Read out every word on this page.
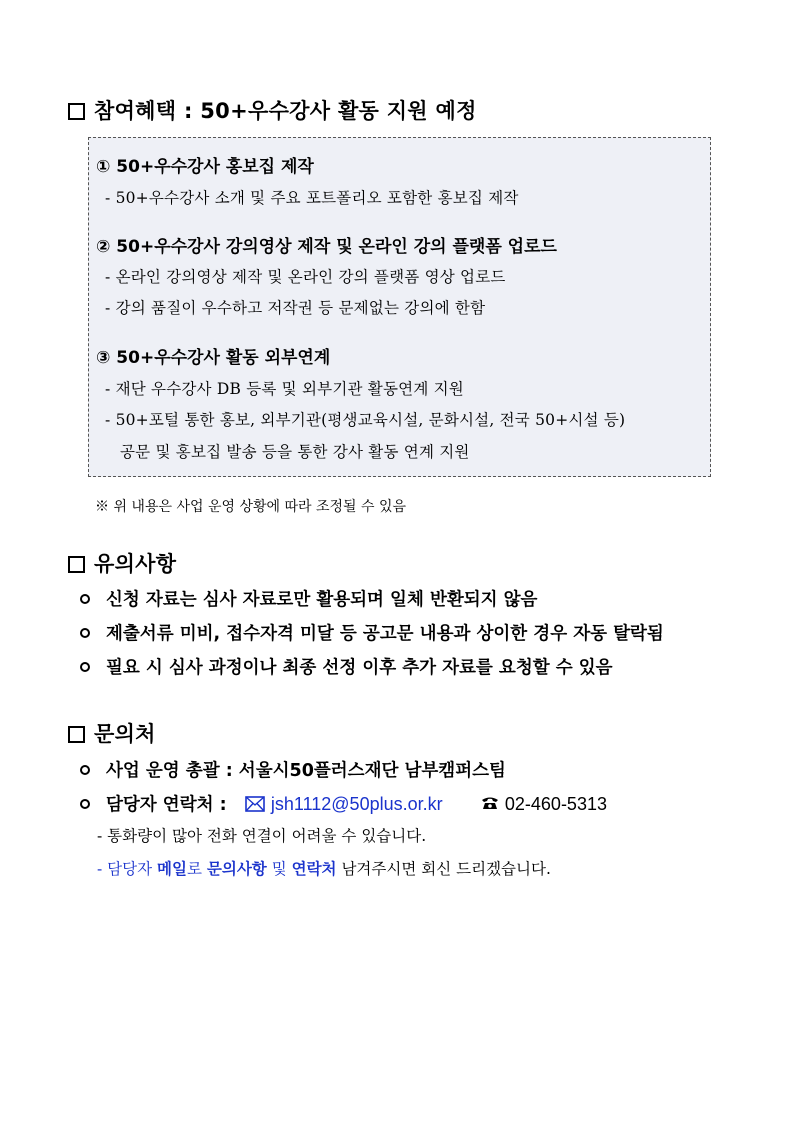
참여혜택 : 50+우수강사 활동 지원 예정
① 50+우수강사 홍보집 제작
- 50+우수강사 소개 및 주요 포트폴리오 포함한 홍보집 제작
② 50+우수강사 강의영상 제작 및 온라인 강의 플랫폼 업로드
- 온라인 강의영상 제작 및 온라인 강의 플랫폼 영상 업로드
- 강의 품질이 우수하고 저작권 등 문제없는 강의에 한함
③ 50+우수강사 활동 외부연계
- 재단 우수강사 DB 등록 및 외부기관 활동연계 지원
- 50+포털 통한 홍보, 외부기관(평생교육시설, 문화시설, 전국 50+시설 등)
공문 및 홍보집 발송 등을 통한 강사 활동 연계 지원
※ 위 내용은 사업 운영 상황에 따라 조정될 수 있음
유의사항
신청 자료는 심사 자료로만 활용되며 일체 반환되지 않음
제출서류 미비, 접수자격 미달 등 공고문 내용과 상이한 경우 자동 탈락됨
필요 시 심사 과정이나 최종 선정 이후 추가 자료를 요청할 수 있음
문의처
사업 운영 총괄 : 서울시50플러스재단 남부캠퍼스팀
담당자 연락처 : jsh1112@50plus.or.kr	02-460-5313
- 통화량이 많아 전화 연결이 어려울 수 있습니다.
- 담당자 메일로 문의사항 및 연락처 남겨주시면 회신 드리겠습니다.
